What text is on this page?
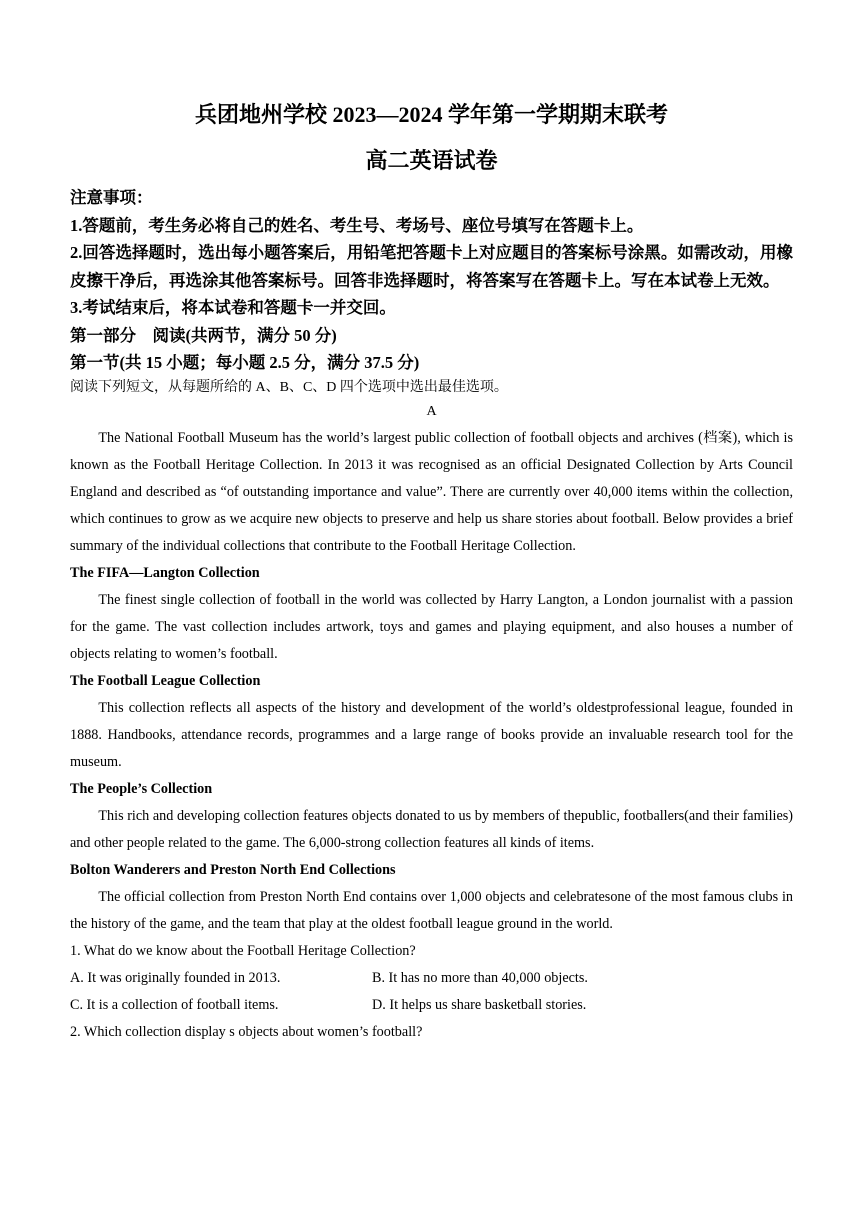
兵团地州学校 2023—2024 学年第一学期期末联考
高二英语试卷

注意事项：

1.答题前，考生务必将自己的姓名、考生号、考场号、座位号填写在答题卡上。

2.回答选择题时，选出每小题答案后，用铅笔把答题卡上对应题目的答案标号涂黑。如需改动，用橡皮擦干净后，再选涂其他答案标号。回答非选择题时，将答案写在答题卡上。写在本试卷上无效。

3.考试结束后，将本试卷和答题卡一并交回。

第一部分　阅读(共两节，满分 50 分)

第一节(共 15 小题；每小题 2.5 分，满分 37.5 分)

阅读下列短文，从每题所给的 A、B、C、D 四个选项中选出最佳选项。

A

The National Football Museum has the world’s largest public collection of football objects and archives (档案), which is known as the Football Heritage Collection. In 2013 it was recognised as an official Designated Collection by Arts Council England and described as “of outstanding importance and value”. There are currently over 40,000 items within the collection, which continues to grow as we acquire new objects to preserve and help us share stories about football. Below provides a brief summary of the individual collections that contribute to the Football Heritage Collection.

The FIFA—Langton Collection

The finest single collection of football in the world was collected by Harry Langton, a London journalist with a passion for the game. The vast collection includes artwork, toys and games and playing equipment, and also houses a number of objects relating to women’s football.

The Football League Collection

This collection reflects all aspects of the history and development of the world’s oldestprofessional league, founded in 1888. Handbooks, attendance records, programmes and a large range of books provide an invaluable research tool for the museum.

The People’s Collection

This rich and developing collection features objects donated to us by members of thepublic, footballers(and their families) and other people related to the game. The 6,000-strong collection features all kinds of items.

Bolton Wanderers and Preston North End Collections

The official collection from Preston North End contains over 1,000 objects and celebratesone of the most famous clubs in the history of the game, and the team that play at the oldest football league ground in the world.

1. What do we know about the Football Heritage Collection?

A. It was originally founded in 2013.	B. It has no more than 40,000 objects.
C. It is a collection of football items.	D. It helps us share basketball stories.

2. Which collection display s objects about women’s football?
